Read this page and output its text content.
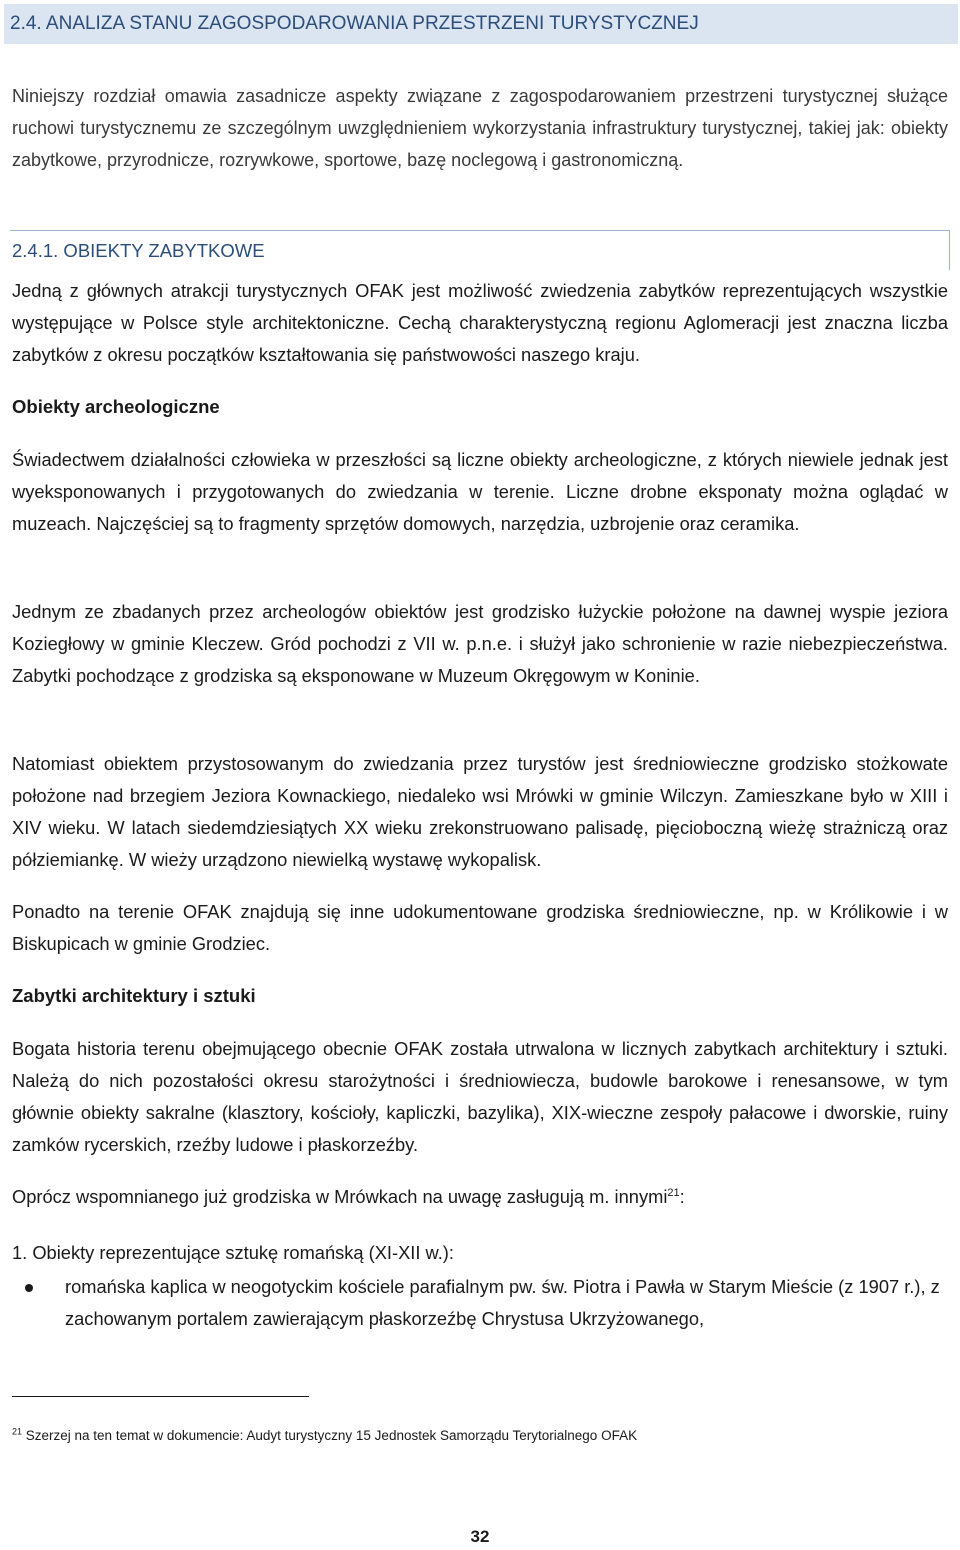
2.4. ANALIZA STANU ZAGOSPODAROWANIA PRZESTRZENI TURYSTYCZNEJ

Niniejszy rozdział omawia zasadnicze aspekty związane z zagospodarowaniem przestrzeni turystycznej służące ruchowi turystycznemu ze szczególnym uwzględnieniem wykorzystania infrastruktury turystycznej, takiej jak: obiekty zabytkowe, przyrodnicze, rozrywkowe, sportowe, bazę noclegową i gastronomiczną.

2.4.1. OBIEKTY ZABYTKOWE

Jedną z głównych atrakcji turystycznych OFAK jest możliwość zwiedzenia zabytków reprezentujących wszystkie występujące w Polsce style architektoniczne. Cechą charakterystyczną regionu Aglomeracji jest znaczna liczba zabytków z okresu początków kształtowania się państwowości naszego kraju.

Obiekty archeologiczne

Świadectwem działalności człowieka w przeszłości są liczne obiekty archeologiczne, z których niewiele jednak jest wyeksponowanych i przygotowanych do zwiedzania w terenie. Liczne drobne eksponaty można oglądać w muzeach. Najczęściej są to fragmenty sprzętów domowych, narzędzia, uzbrojenie oraz ceramika.

Jednym ze zbadanych przez archeologów obiektów jest grodzisko łużyckie położone na dawnej wyspie jeziora Koziegłowy w gminie Kleczew. Gród pochodzi z VII w. p.n.e. i służył jako schronienie w razie niebezpieczeństwa. Zabytki pochodzące z grodziska są eksponowane w Muzeum Okręgowym w Koninie.

Natomiast obiektem przystosowanym do zwiedzania przez turystów jest średniowieczne grodzisko stożkowate położone nad brzegiem Jeziora Kownackiego, niedaleko wsi Mrówki w gminie Wilczyn. Zamieszkane było w XIII i XIV wieku. W latach siedemdziesiątych XX wieku zrekonstruowano palisadę, pięcioboczną wieżę strażniczą oraz półziemiankę. W wieży urządzono niewielką wystawę wykopalisk.

Ponadto na terenie OFAK znajdują się inne udokumentowane grodziska średniowieczne, np. w Królikowie i w Biskupicach w gminie Grodziec.

Zabytki architektury i sztuki

Bogata historia terenu obejmującego obecnie OFAK została utrwalona w licznych zabytkach architektury i sztuki. Należą do nich pozostałości okresu starożytności i średniowiecza, budowle barokowe i renesansowe, w tym głównie obiekty sakralne (klasztory, kościoły, kapliczki, bazylika), XIX-wieczne zespoły pałacowe i dworskie, ruiny zamków rycerskich, rzeźby ludowe i płaskorzeźby.

Oprócz wspomnianego już grodziska w Mrówkach na uwagę zasługują m. innymi$^{21}$:

1. Obiekty reprezentujące sztukę romańską (XI-XII w.):
romańska kaplica w neogotyckim kościele parafialnym pw. św. Piotra i Pawła w Starym Mieście (z 1907 r.), z zachowanym portalem zawierającym płaskorzeźbę Chrystusa Ukrzyżowanego,
$^{21}$ Szerzej na ten temat w dokumencie: Audyt turystyczny 15 Jednostek Samorządu Terytorialnego OFAK
32
